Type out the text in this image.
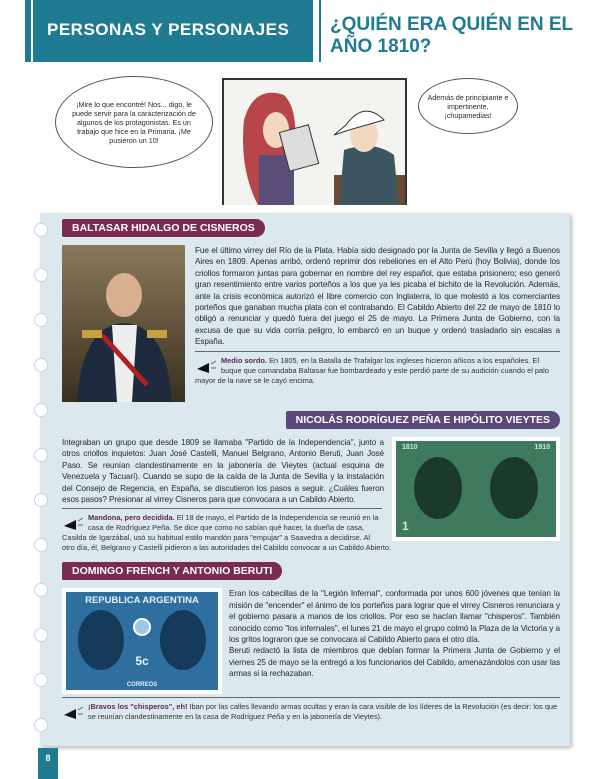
PERSONAS Y PERSONAJES ¿QUIÉN ERA QUIÉN EN EL AÑO 1810?
¡Mire lo que encontré! Nos... digo, le puede servir para la caracterización de algunos de los protagonistas. Es un trabajo que hice en la Primaria. ¡Me pusieron un 10!
Además de principiante e impertinente, ¡chupamedias!
BALTASAR HIDALGO DE CISNEROS
Fue el último virrey del Río de la Plata. Había sido designado por la Junta de Sevilla y llegó a Buenos Aires en 1809. Apenas arribó, ordenó reprimir dos rebeliones en el Alto Perú (hoy Bolivia), donde los criollos formaron juntas para gobernar en nombre del rey español, que estaba prisionero; eso generó gran resentimiento entre varios porteños a los que ya les picaba el bichito de la Revolución. Además, ante la crisis económica autorizó el libre comercio con Inglaterra, lo que molestó a los comerciantes porteños que ganaban mucha plata con el contrabando. El Cabildo Abierto del 22 de mayo de 1810 lo obligó a renunciar y quedó fuera del juego el 25 de mayo. La Primera Junta de Gobierno, con la excusa de que su vida corría peligro, lo embarcó en un buque y ordenó trasladarlo sin escalas a España.
Medio sordo. En 1805, en la Batalla de Trafalgar los ingleses hicieron añicos a los españoles. El buque que comandaba Baltasar fue bombardeado y este perdió parte de su audición cuando el palo mayor de la nave se le cayó encima.
NICOLÁS RODRÍGUEZ PEÑA E HIPÓLITO VIEYTES
1810	1910
1
Integraban un grupo que desde 1809 se llamaba "Partido de la Independencia", junto a otros criollos inquietos: Juan José Castelli, Manuel Belgrano, Antonio Beruti, Juan José Paso. Se reunían clandestinamente en la jabonería de Vieytes (actual esquina de Venezuela y Tacuarí). Cuando se supo de la caída de la Junta de Sevilla y la instalación del Consejo de Regencia, en España, se discutieron los pasos a seguir. ¿Cuáles fueron esos pasos? Presionar al virrey Cisneros para que convocara a un Cabildo Abierto.
Mandona, pero decidida. El 18 de mayo, el Partido de la Independencia se reunió en la casa de Rodríguez Peña. Se dice que como no sabían qué hacer, la dueña de casa, Casilda de Igarzábal, usó su habitual estilo mandón para "empujar" a Saavedra a decidirse. Al otro día, él, Belgrano y Castelli pidieron a las autoridades del Cabildo convocar a un Cabildo Abierto.
DOMINGO FRENCH Y ANTONIO BERUTI
REPUBLICA ARGENTINA
5c
CORREOS
Eran los cabecillas de la "Legión Infernal", conformada por unos 600 jóvenes que tenían la misión de "encender" el ánimo de los porteños para lograr que el virrey Cisneros renunciara y el gobierno pasara a manos de los criollos. Por eso se hacían llamar "chisperos". También conocido como "los infernales", el lunes 21 de mayo el grupo colmó la Plaza de la Victoria y a los gritos lograron que se convocara al Cabildo Abierto para el otro día.
Beruti redactó la lista de miembros que debían formar la Primera Junta de Gobierno y el viernes 25 de mayo se la entregó a los funcionarios del Cabildo, amenazándolos con usar las armas si la rechazaban.
¡Bravos los "chisperos", eh! Iban por las calles llevando armas ocultas y eran la cara visible de los líderes de la Revolución (es decir: los que se reunían clandestinamente en la casa de Rodríguez Peña y en la jabonería de Vieytes).
8
